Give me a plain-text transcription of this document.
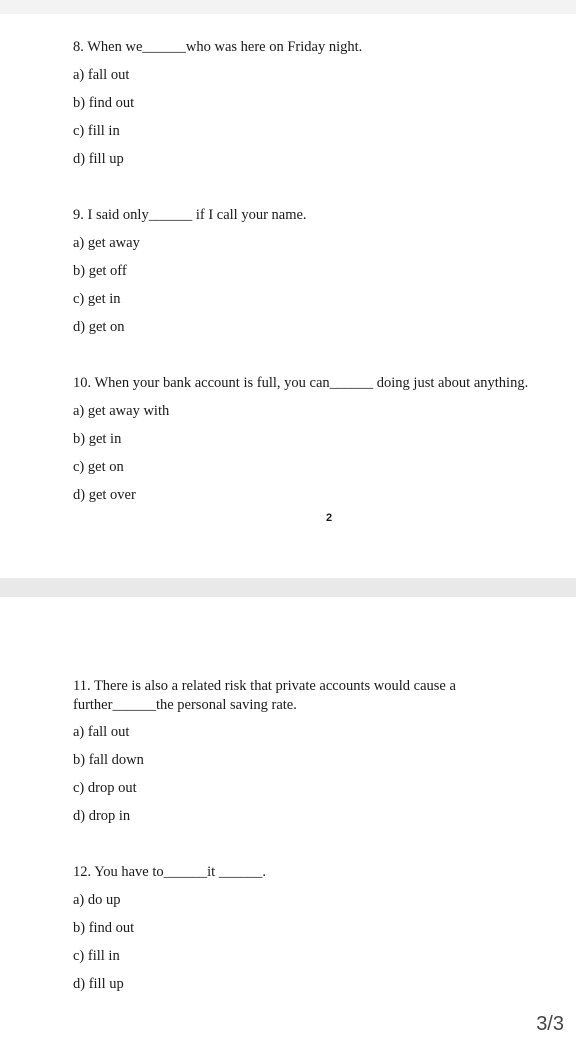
8. When we______who was here on Friday night.
a) fall out
b) find out
c) fill in
d) fill up
9. I said only______ if I call your name.
a) get away
b) get off
c) get in
d) get on
10. When your bank account is full, you can______ doing just about anything.
a) get away with
b) get in
c) get on
d) get over
2
11. There is also a related risk that private accounts would cause a
further______the personal saving rate.
a) fall out
b) fall down
c) drop out
d) drop in
12. You have to______it ______.
a) do up
b) find out
c) fill in
d) fill up
3/3
